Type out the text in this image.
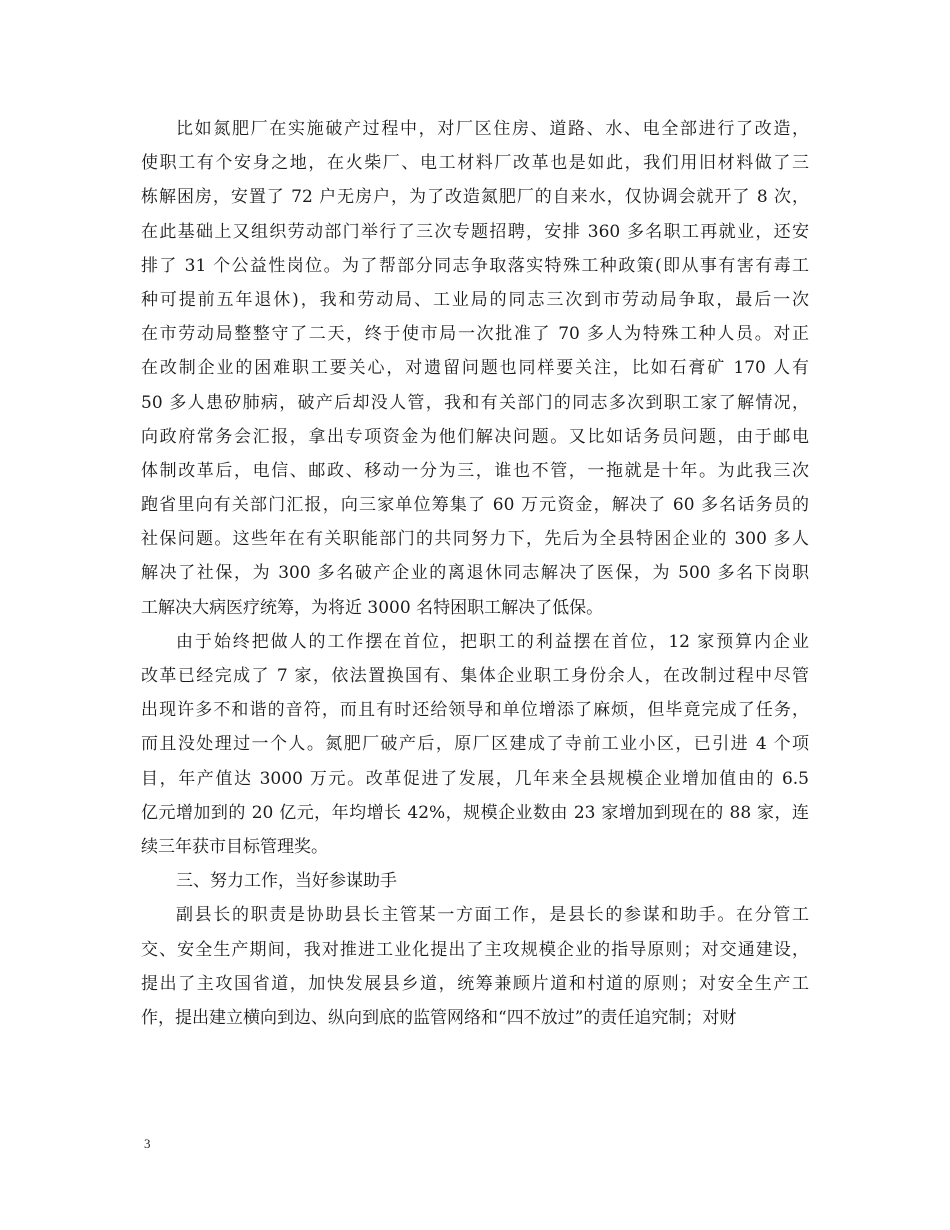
比如氮肥厂在实施破产过程中，对厂区住房、道路、水、电全部进行了改造，
使职工有个安身之地，在火柴厂、电工材料厂改革也是如此，我们用旧材料做了三
栋解困房，安置了 72 户无房户，为了改造氮肥厂的自来水，仅协调会就开了 8 次，
在此基础上又组织劳动部门举行了三次专题招聘，安排 360 多名职工再就业，还安
排了 31 个公益性岗位。为了帮部分同志争取落实特殊工种政策(即从事有害有毒工
种可提前五年退休)，我和劳动局、工业局的同志三次到市劳动局争取，最后一次
在市劳动局整整守了二天，终于使市局一次批准了 70 多人为特殊工种人员。对正
在改制企业的困难职工要关心，对遗留问题也同样要关注，比如石膏矿 170 人有
50 多人患矽肺病，破产后却没人管，我和有关部门的同志多次到职工家了解情况，
向政府常务会汇报，拿出专项资金为他们解决问题。又比如话务员问题，由于邮电
体制改革后，电信、邮政、移动一分为三，谁也不管，一拖就是十年。为此我三次
跑省里向有关部门汇报，向三家单位筹集了 60 万元资金，解决了 60 多名话务员的
社保问题。这些年在有关职能部门的共同努力下，先后为全县特困企业的 300 多人
解决了社保，为 300 多名破产企业的离退休同志解决了医保，为 500 多名下岗职
工解决大病医疗统筹，为将近 3000 名特困职工解决了低保。
由于始终把做人的工作摆在首位，把职工的利益摆在首位，12 家预算内企业
改革已经完成了 7 家，依法置换国有、集体企业职工身份余人，在改制过程中尽管
出现许多不和谐的音符，而且有时还给领导和单位增添了麻烦，但毕竟完成了任务，
而且没处理过一个人。氮肥厂破产后，原厂区建成了寺前工业小区，已引进 4 个项
目，年产值达 3000 万元。改革促进了发展，几年来全县规模企业增加值由的 6.5
亿元增加到的 20 亿元，年均增长 42%，规模企业数由 23 家增加到现在的 88 家，连
续三年获市目标管理奖。
三、努力工作，当好参谋助手
副县长的职责是协助县长主管某一方面工作，是县长的参谋和助手。在分管工
交、安全生产期间，我对推进工业化提出了主攻规模企业的指导原则；对交通建设，
提出了主攻国省道，加快发展县乡道，统筹兼顾片道和村道的原则；对安全生产工
作，提出建立横向到边、纵向到底的监管网络和“四不放过”的责任追究制；对财
3
